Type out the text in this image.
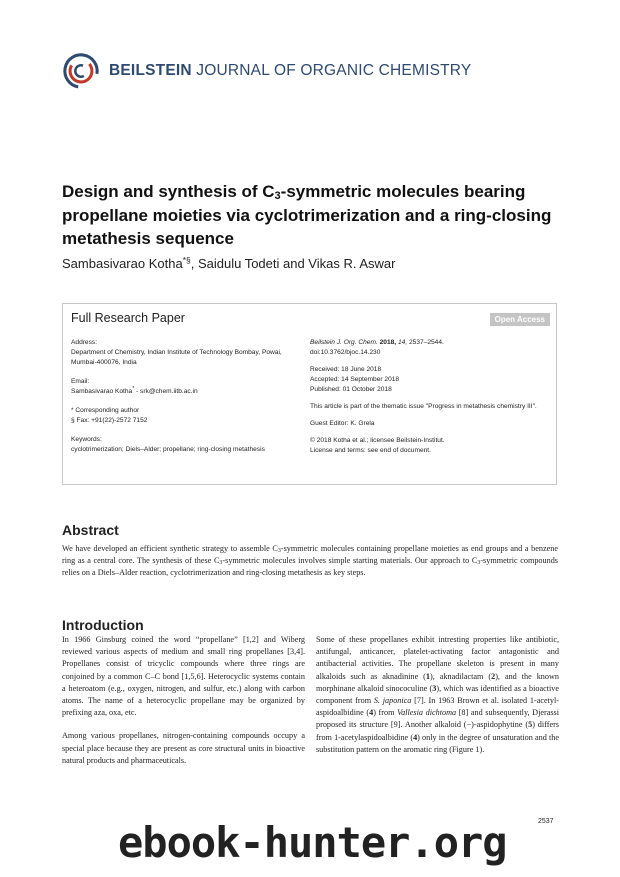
BEILSTEIN JOURNAL OF ORGANIC CHEMISTRY
Design and synthesis of $C_3$-symmetric molecules bearing propellane moieties via cyclotrimerization and a ring-closing metathesis sequence
Sambasivarao Kotha*§, Saidulu Todeti and Vikas R. Aswar
Full Research Paper	Open Access
Address:
Department of Chemistry, Indian Institute of Technology Bombay, Powai, Mumbai-400076, India
Email:
Sambasivarao Kotha* - srk@chem.iitb.ac.in
* Corresponding author
§ Fax: +91(22)-2572 7152
Keywords:
cyclotrimerization; Diels–Alder; propellane; ring-closing metathesis
Beilstein J. Org. Chem. 2018, 14, 2537–2544.
doi:10.3762/bjoc.14.230
Received: 18 June 2018
Accepted: 14 September 2018
Published: 01 October 2018
This article is part of the thematic issue "Progress in metathesis chemistry III".
Guest Editor: K. Grela
© 2018 Kotha et al.; licensee Beilstein-Institut.
License and terms: see end of document.
Abstract

We have developed an efficient synthetic strategy to assemble $C_3$-symmetric molecules containing propellane moieties as end groups and a benzene ring as a central core. The synthesis of these $C_3$-symmetric molecules involves simple starting materials. Our approach to $C_3$-symmetric compounds relies on a Diels–Alder reaction, cyclotrimerization and ring-closing metathesis as key steps.

Introduction

In 1966 Ginsburg coined the word “propellane” [1,2] and Wiberg reviewed various aspects of medium and small ring propellanes [3,4]. Propellanes consist of tricyclic compounds where three rings are conjoined by a common C–C bond [1,5,6]. Heterocyclic systems contain a heteroatom (e.g., oxygen, nitrogen, and sulfur, etc.) along with carbon atoms. The name of a heterocyclic propellane may be organized by prefixing aza, oxa, etc.

Among various propellanes, nitrogen-containing compounds occupy a special place because they are present as core structural units in bioactive natural products and pharmaceuticals.

Some of these propellanes exhibit intresting properties like antibiotic, antifungal, anticancer, platelet-activating factor antagonistic and antibacterial activities. The propellane skeleton is present in many alkaloids such as aknadinine (1), aknadilactam (2), and the known morphinane alkaloid sinococuline (3), which was identified as a bioactive component from S. japonica [7]. In 1963 Brown et al. isolated 1-acetyl-aspidoalbidine (4) from Vallesia dichtoma [8] and subsequently, Djerassi proposed its structure [9]. Another alkaloid (−)-aspidophytine (5) differs from 1-acetylaspidoalbidine (4) only in the degree of unsaturation and the substitution pattern on the aromatic ring (Figure 1).

2537
ebook-hunter.org
